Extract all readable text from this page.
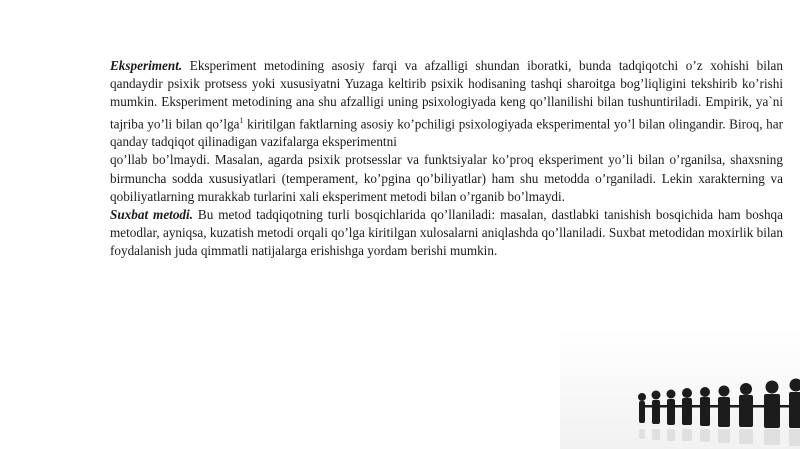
Eksperiment. Eksperiment metodining asosiy farqi va afzalligi shundan iboratki, bunda tadqiqotchi o’z xohishi bilan qandaydir psixik protsess yoki xususiyatni Yuzaga keltirib psixik hodisaning tashqi sharoitga bog’liqligini tekshirib ko’rishi mumkin. Eksperiment metodining ana shu afzalligi uning psixologiyada keng qo’llanilishi bilan tushuntiriladi. Empirik, ya`ni tajriba yo’li bilan qo’lga$^1$ kiritilgan faktlarning asosiy ko’pchiligi psixologiyada eksperimental yo’l bilan olingandir. Biroq, har qanday tadqiqot qilinadigan vazifalarga eksperimentni

qo’llab bo’lmaydi. Masalan, agarda psixik protsesslar va funktsiyalar ko’proq eksperiment yo’li bilan o’rganilsa, shaxsning birmuncha sodda xususiyatlari (temperament, ko’pgina qo’biliyatlar) ham shu metodda o’rganiladi. Lekin xarakterning va qobiliyatlarning murakkab turlarini xali eksperiment metodi bilan o’rganib bo’lmaydi.

Suxbat metodi. Bu metod tadqiqotning turli bosqichlarida qo’llaniladi: masalan, dastlabki tanishish bosqichida ham boshqa metodlar, ayniqsa, kuzatish metodi orqali qo’lga kiritilgan xulosalarni aniqlashda qo’llaniladi. Suxbat metodidan moxirlik bilan foydalanish juda qimmatli natijalarga erishishga yordam berishi mumkin.
